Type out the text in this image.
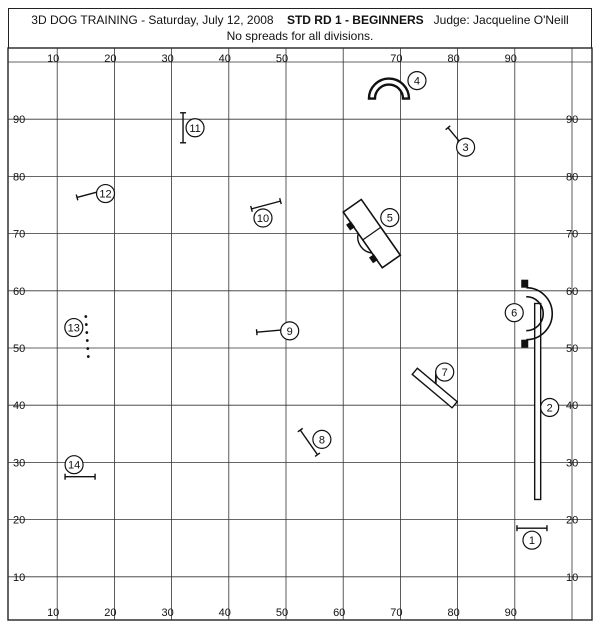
3D DOG TRAINING - Saturday, July 12, 2008 STD RD 1 - BEGINNERS Judge: Jacqueline O'Neill
No spreads for all divisions.
10	20	30	40	50	70	80	90
10	20	30	40	50	60	70	80	90
90	90
80	80
70	70
60	60
50	50
40	40
30	30
20	20
10	10
1
2
3
4
5
6
7
8
9
10
11
12
13
14
